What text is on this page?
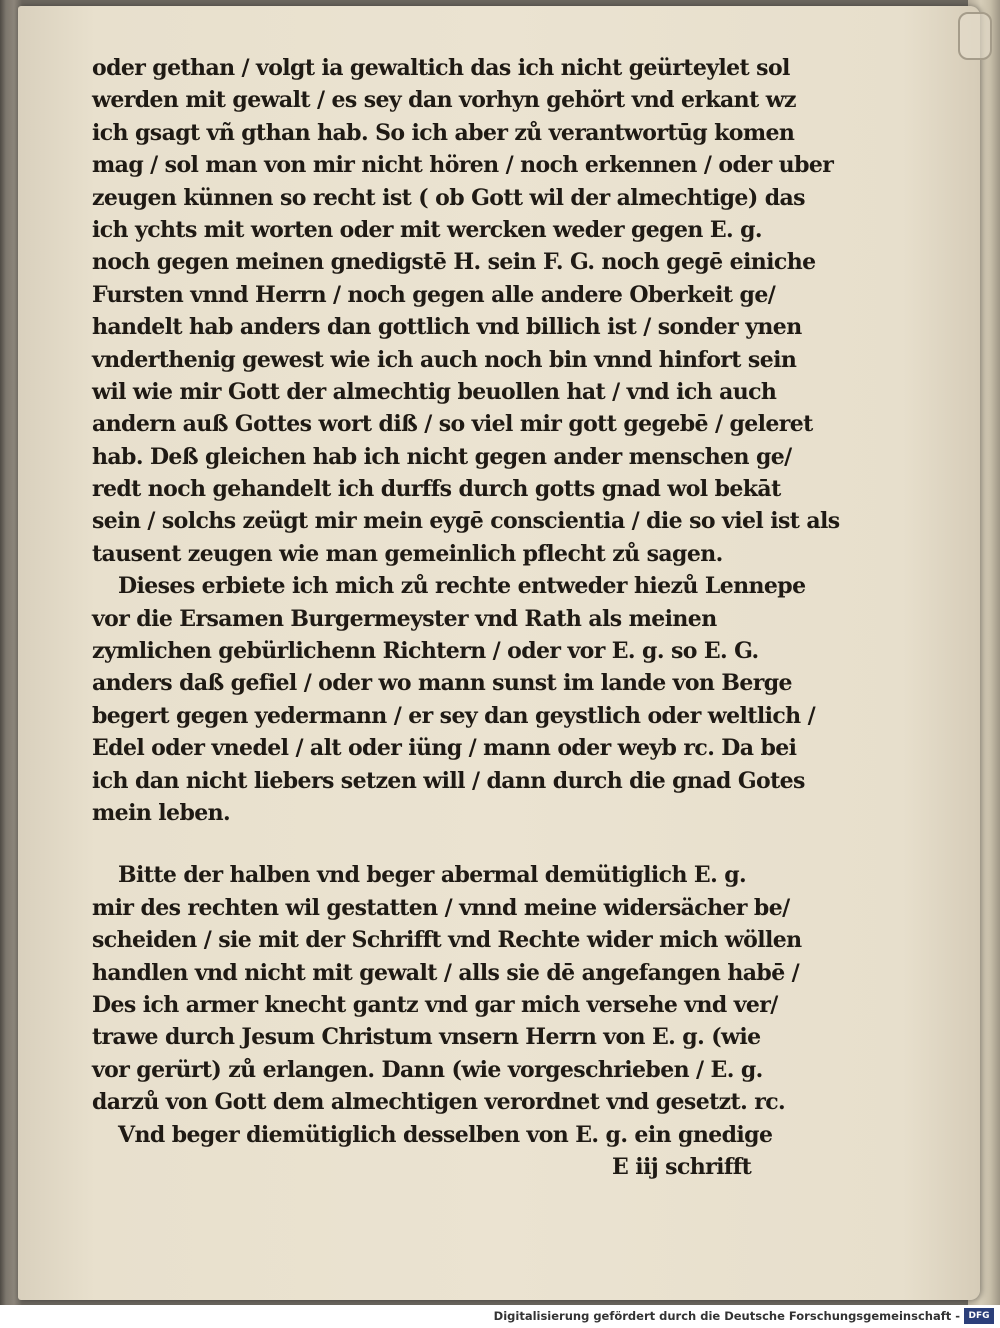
oder gethan / volgt ia gewaltich das ich nicht geürteylet sol
werden mit gewalt / es sey dan vorhyn gehört vnd erkant wz
ich gsagt vñ gthan hab. So ich aber zů verantwortūg komen
mag / sol man von mir nicht hören / noch erkennen / oder uber
zeugen künnen so recht ist ( ob Gott wil der almechtige) das
ich ychts mit worten oder mit wercken weder gegen E. g.
noch gegen meinen gnedigstē H. sein F. G. noch gegē einiche
Fursten vnnd Herrn / noch gegen alle andere Oberkeit ge/
handelt hab anders dan gottlich vnd billich ist / sonder ynen
vnderthenig gewest wie ich auch noch bin vnnd hinfort sein
wil wie mir Gott der almechtig beuollen hat / vnd ich auch
andern auß Gottes wort diß / so viel mir gott gegebē / geleret
hab. Deß gleichen hab ich nicht gegen ander menschen ge/
redt noch gehandelt ich durffs durch gotts gnad wol bekāt
sein / solchs zeügt mir mein eygē conscientia / die so viel ist als
tausent zeugen wie man gemeinlich pflecht zů sagen.
Dieses erbiete ich mich zů rechte entweder hiezů Lennepe
vor die Ersamen Burgermeyster vnd Rath als meinen
zymlichen gebürlichenn Richtern / oder vor E. g. so E. G.
anders daß gefiel / oder wo mann sunst im lande von Berge
begert gegen yedermann / er sey dan geystlich oder weltlich /
Edel oder vnedel / alt oder iüng / mann oder weyb rc. Da bei
ich dan nicht liebers setzen will / dann durch die gnad Gotes
mein leben.
Bitte der halben vnd beger abermal demütiglich E. g.
mir des rechten wil gestatten / vnnd meine widersächer be/
scheiden / sie mit der Schrifft vnd Rechte wider mich wöllen
handlen vnd nicht mit gewalt / alls sie dē angefangen habē /
Des ich armer knecht gantz vnd gar mich versehe vnd ver/
trawe durch Jesum Christum vnsern Herrn von E. g. (wie
vor gerürt) zů erlangen. Dann (wie vorgeschrieben / E. g.
darzů von Gott dem almechtigen verordnet vnd gesetzt. rc.
Vnd beger diemütiglich desselben von E. g. ein gnedige
E iij schrifft
Digitalisierung gefördert durch die Deutsche Forschungsgemeinschaft - DFG
